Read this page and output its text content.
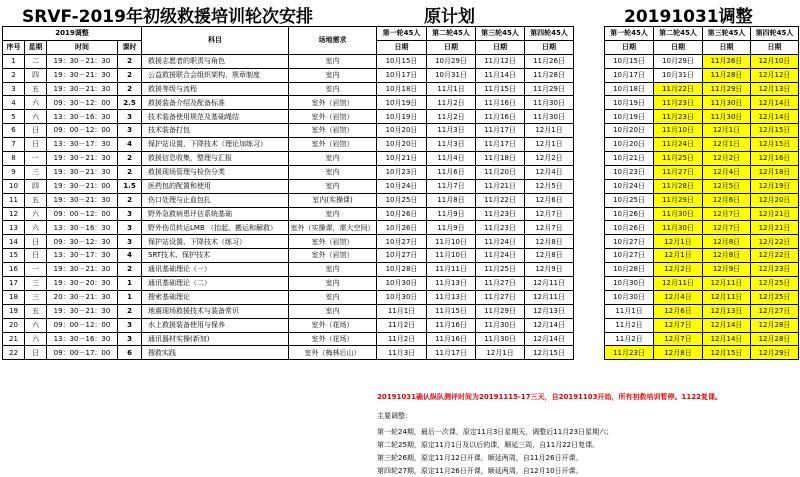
SRVF-2019年初级救援培训轮次安排	原计划	20191031调整
2019调整				科目	场地需求	第一轮45人	第二轮45人	第三轮45人	第四轮45人
序号	星期	时间	课时			日期	日期	日期	日期
1	二	19：30－21：30	2	救援志愿者的职责与角色	室内	10月15日	10月29日	11月12日	11月26日
2	四	19：30－21：30	2	公益救援联合会组织架构、规章制度	室内	10月17日	10月31日	11月14日	11月28日
3	五	19：30－21：30	2	救援等级与流程	室内	10月18日	11月1日	11月15日	11月29日
4	六	09：30－12：00	2.5	救援装备介绍及配备标准	室外（岩馆）	10月19日	11月2日	11月16日	11月30日
5	六	13：30－16：30	3	技术装备使用规范及基础绳结	室外（岩馆）	10月19日	11月2日	11月16日	11月30日
6	日	09：00－12：00	3	技术装备打包	室外（岩馆）	10月20日	11月3日	11月17日	12月1日
7	日	13：30－17：30	4	保护站设置、下降技术（理论加练习）	室外（岩馆）	10月20日	11月3日	11月17日	12月1日
8	一	19：30－21：30	2	救援信息收集，整理与汇报	室内	10月21日	11月4日	11月18日	12月2日
9	三	19：30－21：30	2	救援现场管理与检伤分类	室内	10月23日	11月6日	11月20日	12月4日
10	四	19：30－21：00	1.5	医药包的配置和使用	室内	10月24日	11月7日	11月21日	12月5日
11	五	19：30－21：30	2	伤口处理与止血包扎	室内(实操课)	10月25日	11月8日	11月22日	12月6日
12	六	09：00－12：00	3	野外急救病患评估系统基础	室内	10月26日	11月9日	11月23日	12月7日
13	六	13：30－16：30	3	野外伤员转运LMB （抬起、搬运和解救）	室外（实操课，需大空间）	10月26日	11月9日	11月23日	12月7日
14	日	09：30－12：30	3	保护站设置、下降技术（练习）	室外（岩馆）	10月27日	11月10日	11月24日	12月8日
15	日	13：30－17：30	4	SRT技术、保护技术	室外（岩馆）	10月27日	11月10日	11月24日	12月8日
16	一	19：30－21：30	2	通讯基础理论（一）	室内	10月28日	11月11日	11月25日	12月9日
17	三	19：30－20：30	1	通讯基础理论（二）	室内	10月30日	11月13日	11月27日	12月11日
18	三	20：30－21：30	1	搜索基础理论	室内	10月30日	11月13日	11月27日	12月11日
19	五	19：30－21：30	2	地震现场救援技术与装备常识	室内	11月1日	11月15日	11月29日	12月13日
20	六	09：00－12：00	3	水上救援装备使用与保养	室外（花场）	11月2日	11月16日	11月30日	12月14日
21	六	13：30－16：30	3	通讯器材实操(新加)	室外（花场）	11月2日	11月16日	11月30日	12月14日
22	日	09：00－17：00	6	搜救实践	室外（梅林后山）	11月3日	11月17日	12月1日	12月15日
第一轮45人	第二轮45人	第三轮45人	第四轮45人
日期	日期	日期	日期
10月15日	10月29日	11月26日	12月10日
10月17日	10月31日	11月28日	12月12日
10月18日	11月22日	11月29日	12月13日
10月19日	11月23日	11月30日	12月14日
10月19日	11月23日	11月30日	12月14日
10月20日	11月10日	12月1日	12月15日
10月20日	11月24日	12月1日	12月15日
10月21日	11月25日	12月2日	12月16日
10月23日	11月27日	12月4日	12月18日
10月24日	11月28日	12月5日	12月19日
10月25日	11月29日	12月6日	12月20日
10月26日	11月30日	12月7日	12月21日
10月26日	11月30日	12月7日	12月21日
10月27日	12月1日	12月8日	12月22日
10月27日	12月1日	12月8日	12月22日
10月28日	12月2日	12月9日	12月23日
10月30日	12月11日	12月11日	12月25日
10月30日	12月4日	12月11日	12月25日
11月1日	12月6日	12月13日	12月27日
11月2日	12月7日	12月14日	12月28日
11月2日	12月7日	12月14日	12月28日
11月23日	12月8日	12月15日	12月29日
20191031确认纵队测评时间为20191115-17三天，自20191103开始，所有初救培训暂停。1122复课。
主要调整：
第一轮24期，最后一次课，原定11月3日星期天，调整后11月23日星期六；
第二轮25期，原定11月1日及以后的课，顺延三周，自11月22日复课。
第三轮26期，原定11月12日开课，顺延两周，自11月26日开课。
第四轮27期，原定11月26日开课，顺延两周，自12月10日开课。
